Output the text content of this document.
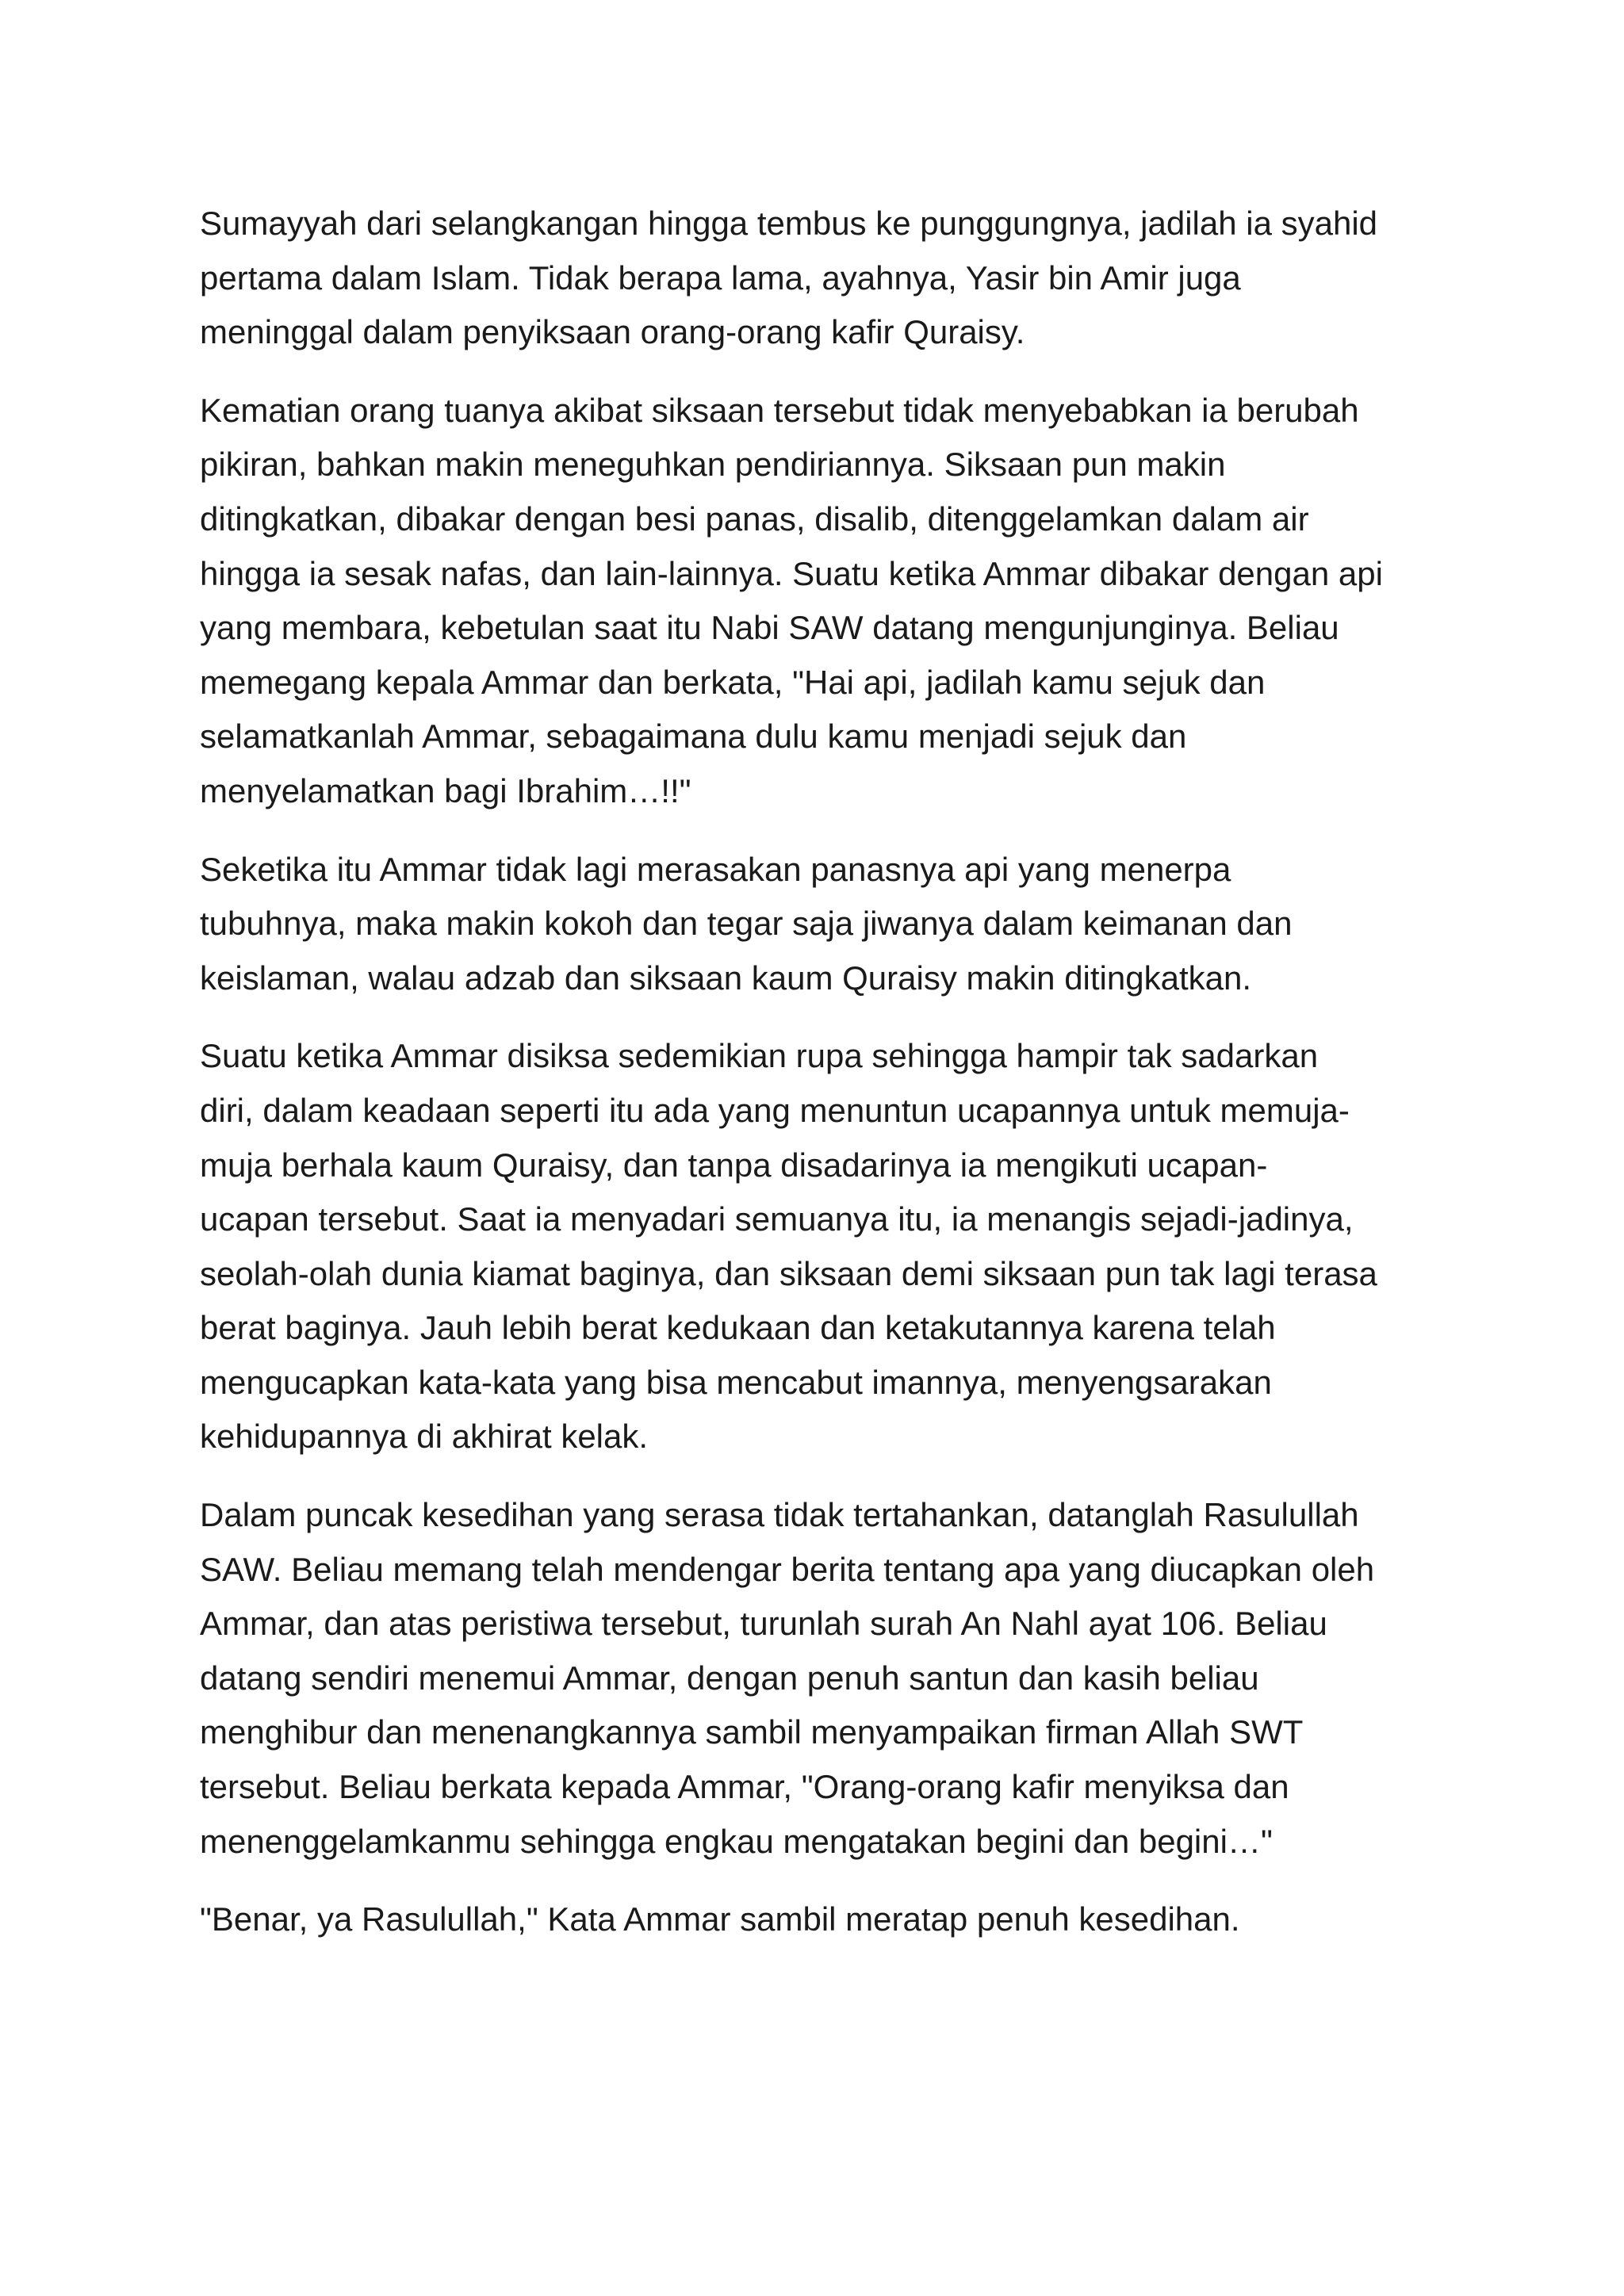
Sumayyah dari selangkangan hingga tembus ke punggungnya, jadilah ia syahid
pertama dalam Islam. Tidak berapa lama, ayahnya, Yasir bin Amir juga
meninggal dalam penyiksaan orang-orang kafir Quraisy.

Kematian orang tuanya akibat siksaan tersebut tidak menyebabkan ia berubah
pikiran, bahkan makin meneguhkan pendiriannya. Siksaan pun makin
ditingkatkan, dibakar dengan besi panas, disalib, ditenggelamkan dalam air
hingga ia sesak nafas, dan lain-lainnya. Suatu ketika Ammar dibakar dengan api
yang membara, kebetulan saat itu Nabi SAW datang mengunjunginya. Beliau
memegang kepala Ammar dan berkata, "Hai api, jadilah kamu sejuk dan
selamatkanlah Ammar, sebagaimana dulu kamu menjadi sejuk dan
menyelamatkan bagi Ibrahim…!!"

Seketika itu Ammar tidak lagi merasakan panasnya api yang menerpa
tubuhnya, maka makin kokoh dan tegar saja jiwanya dalam keimanan dan
keislaman, walau adzab dan siksaan kaum Quraisy makin ditingkatkan.

Suatu ketika Ammar disiksa sedemikian rupa sehingga hampir tak sadarkan
diri, dalam keadaan seperti itu ada yang menuntun ucapannya untuk memuja-
muja berhala kaum Quraisy, dan tanpa disadarinya ia mengikuti ucapan-
ucapan tersebut. Saat ia menyadari semuanya itu, ia menangis sejadi-jadinya,
seolah-olah dunia kiamat baginya, dan siksaan demi siksaan pun tak lagi terasa
berat baginya. Jauh lebih berat kedukaan dan ketakutannya karena telah
mengucapkan kata-kata yang bisa mencabut imannya, menyengsarakan
kehidupannya di akhirat kelak.

Dalam puncak kesedihan yang serasa tidak tertahankan, datanglah Rasulullah
SAW. Beliau memang telah mendengar berita tentang apa yang diucapkan oleh
Ammar, dan atas peristiwa tersebut, turunlah surah An Nahl ayat 106. Beliau
datang sendiri menemui Ammar, dengan penuh santun dan kasih beliau
menghibur dan menenangkannya sambil menyampaikan firman Allah SWT
tersebut. Beliau berkata kepada Ammar, "Orang-orang kafir menyiksa dan
menenggelamkanmu sehingga engkau mengatakan begini dan begini…"

"Benar, ya Rasulullah," Kata Ammar sambil meratap penuh kesedihan.
